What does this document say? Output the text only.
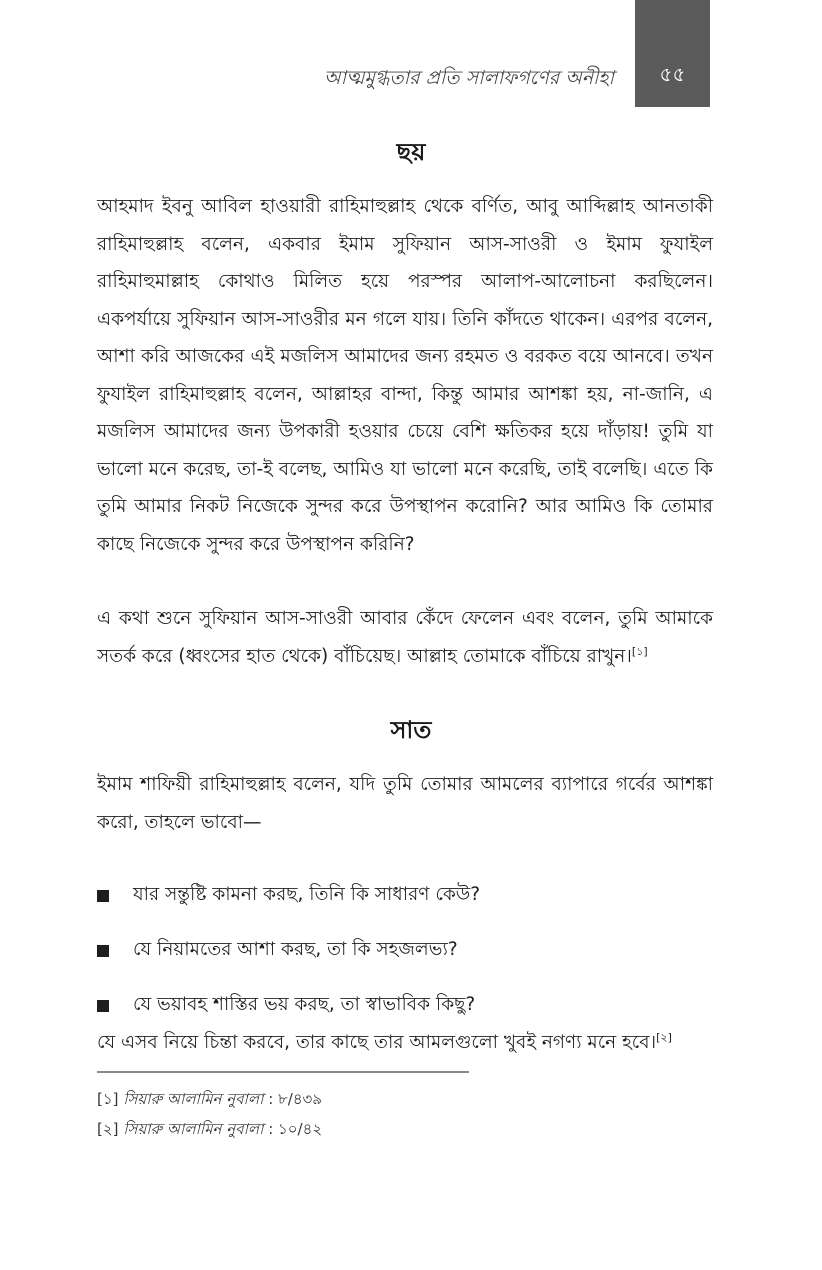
আত্মমুগ্ধতার প্রতি সালাফগণের অনীহা ৫৫
ছয়

আহমাদ ইবনু আবিল হাওয়ারী রাহিমাহুল্লাহ থেকে বর্ণিত, আবু আব্দিল্লাহ আনতাকী রাহিমাহুল্লাহ বলেন, একবার ইমাম সুফিয়ান আস-সাওরী ও ইমাম ফুযাইল রাহিমাহুমাল্লাহ কোথাও মিলিত হয়ে পরস্পর আলাপ-আলোচনা করছিলেন। একপর্যায়ে সুফিয়ান আস-সাওরীর মন গলে যায়। তিনি কাঁদতে থাকেন। এরপর বলেন, আশা করি আজকের এই মজলিস আমাদের জন্য রহমত ও বরকত বয়ে আনবে। তখন ফুযাইল রাহিমাহুল্লাহ বলেন, আল্লাহর বান্দা, কিন্তু আমার আশঙ্কা হয়, না-জানি, এ মজলিস আমাদের জন্য উপকারী হওয়ার চেয়ে বেশি ক্ষতিকর হয়ে দাঁড়ায়! তুমি যা ভালো মনে করেছ, তা-ই বলেছ, আমিও যা ভালো মনে করেছি, তাই বলেছি। এতে কি তুমি আমার নিকট নিজেকে সুন্দর করে উপস্থাপন করোনি? আর আমিও কি তোমার কাছে নিজেকে সুন্দর করে উপস্থাপন করিনি?

এ কথা শুনে সুফিয়ান আস-সাওরী আবার কেঁদে ফেলেন এবং বলেন, তুমি আমাকে সতর্ক করে (ধ্বংসের হাত থেকে) বাঁচিয়েছ। আল্লাহ তোমাকে বাঁচিয়ে রাখুন।[১]

সাত

ইমাম শাফিয়ী রাহিমাহুল্লাহ বলেন, যদি তুমি তোমার আমলের ব্যাপারে গর্বের আশঙ্কা করো, তাহলে ভাবো—

যার সন্তুষ্টি কামনা করছ, তিনি কি সাধারণ কেউ?
যে নিয়ামতের আশা করছ, তা কি সহজলভ্য?
যে ভয়াবহ শাস্তির ভয় করছ, তা স্বাভাবিক কিছু?

যে এসব নিয়ে চিন্তা করবে, তার কাছে তার আমলগুলো খুবই নগণ্য মনে হবে।[২]

[১] সিয়ারু আলামিন নুবালা : ৮/৪৩৯
[২] সিয়ারু আলামিন নুবালা : ১০/৪২
